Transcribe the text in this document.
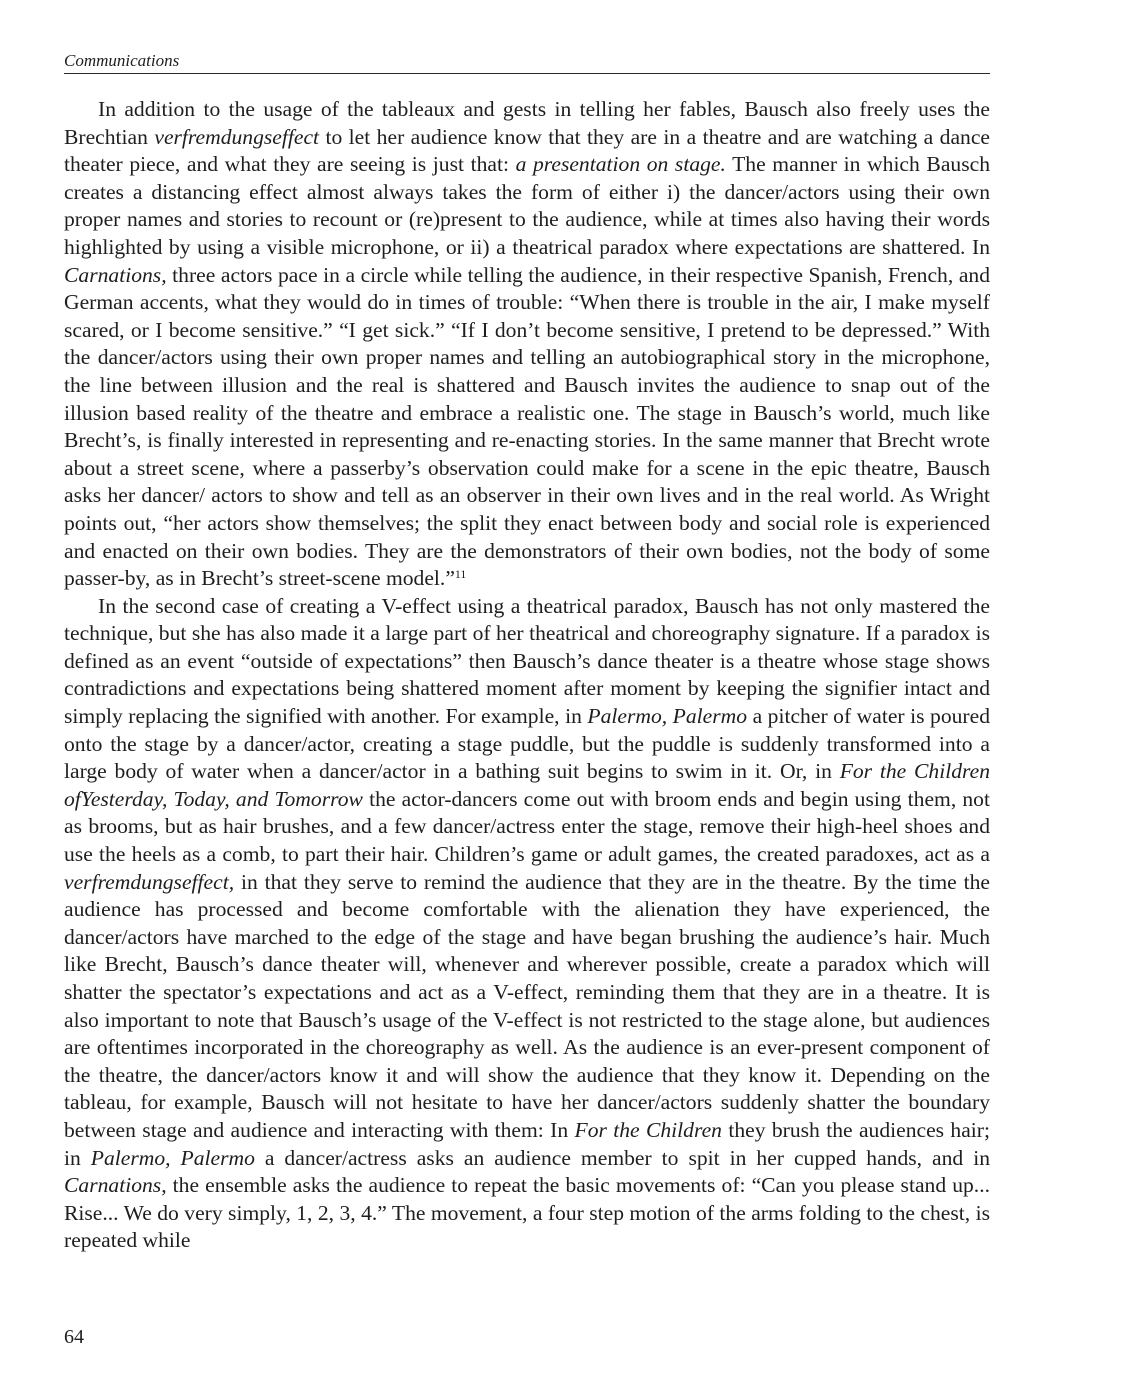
Communications

In addition to the usage of the tableaux and gests in telling her fables, Bausch also freely uses the Brechtian verfremdungseffect to let her audience know that they are in a theatre and are watching a dance theater piece, and what they are seeing is just that: a presentation on stage. The manner in which Bausch creates a distancing effect almost always takes the form of either i) the dancer/actors using their own proper names and stories to recount or (re)present to the audience, while at times also having their words highlighted by using a visible microphone, or ii) a theatrical paradox where expectations are shattered. In Carnations, three actors pace in a circle while telling the audience, in their respective Spanish, French, and German accents, what they would do in times of trouble: “When there is trouble in the air, I make myself scared, or I become sensitive.” “I get sick.” “If I don’t become sensitive, I pretend to be depressed.” With the dancer/actors using their own proper names and telling an autobiographical story in the microphone, the line between illusion and the real is shattered and Bausch invites the audience to snap out of the illusion based reality of the theatre and embrace a realistic one. The stage in Bausch’s world, much like Brecht’s, is finally interested in representing and re-enacting stories. In the same manner that Brecht wrote about a street scene, where a passerby’s observation could make for a scene in the epic theatre, Bausch asks her dancer/ actors to show and tell as an observer in their own lives and in the real world. As Wright points out, “her actors show themselves; the split they enact between body and social role is experienced and enacted on their own bodies. They are the demonstrators of their own bodies, not the body of some passer-by, as in Brecht’s street-scene model.”$^{11}$

In the second case of creating a V-effect using a theatrical paradox, Bausch has not only mastered the technique, but she has also made it a large part of her theatrical and choreography signature. If a paradox is defined as an event “outside of expectations” then Bausch’s dance theater is a theatre whose stage shows contradictions and expectations being shattered moment after moment by keeping the signifier intact and simply replacing the signified with another. For example, in Palermo, Palermo a pitcher of water is poured onto the stage by a dancer/actor, creating a stage puddle, but the puddle is suddenly transformed into a large body of water when a dancer/actor in a bathing suit begins to swim in it. Or, in For the Children ofYesterday, Today, and Tomorrow the actor-dancers come out with broom ends and begin using them, not as brooms, but as hair brushes, and a few dancer/actress enter the stage, remove their high-heel shoes and use the heels as a comb, to part their hair. Children’s game or adult games, the created paradoxes, act as a verfremdungseffect, in that they serve to remind the audience that they are in the theatre. By the time the audience has processed and become comfortable with the alienation they have experienced, the dancer/actors have marched to the edge of the stage and have began brushing the audience’s hair. Much like Brecht, Bausch’s dance theater will, whenever and wherever possible, create a paradox which will shatter the spectator’s expectations and act as a V-effect, reminding them that they are in a theatre. It is also important to note that Bausch’s usage of the V-effect is not restricted to the stage alone, but audiences are oftentimes incorporated in the choreography as well. As the audience is an ever-present component of the theatre, the dancer/actors know it and will show the audience that they know it. Depending on the tableau, for example, Bausch will not hesitate to have her dancer/actors suddenly shatter the boundary between stage and audience and interacting with them: In For the Children they brush the audiences hair; in Palermo, Palermo a dancer/actress asks an audience member to spit in her cupped hands, and in Carnations, the ensemble asks the audience to repeat the basic movements of: “Can you please stand up... Rise... We do very simply, 1, 2, 3, 4.” The movement, a four step motion of the arms folding to the chest, is repeated while

64
